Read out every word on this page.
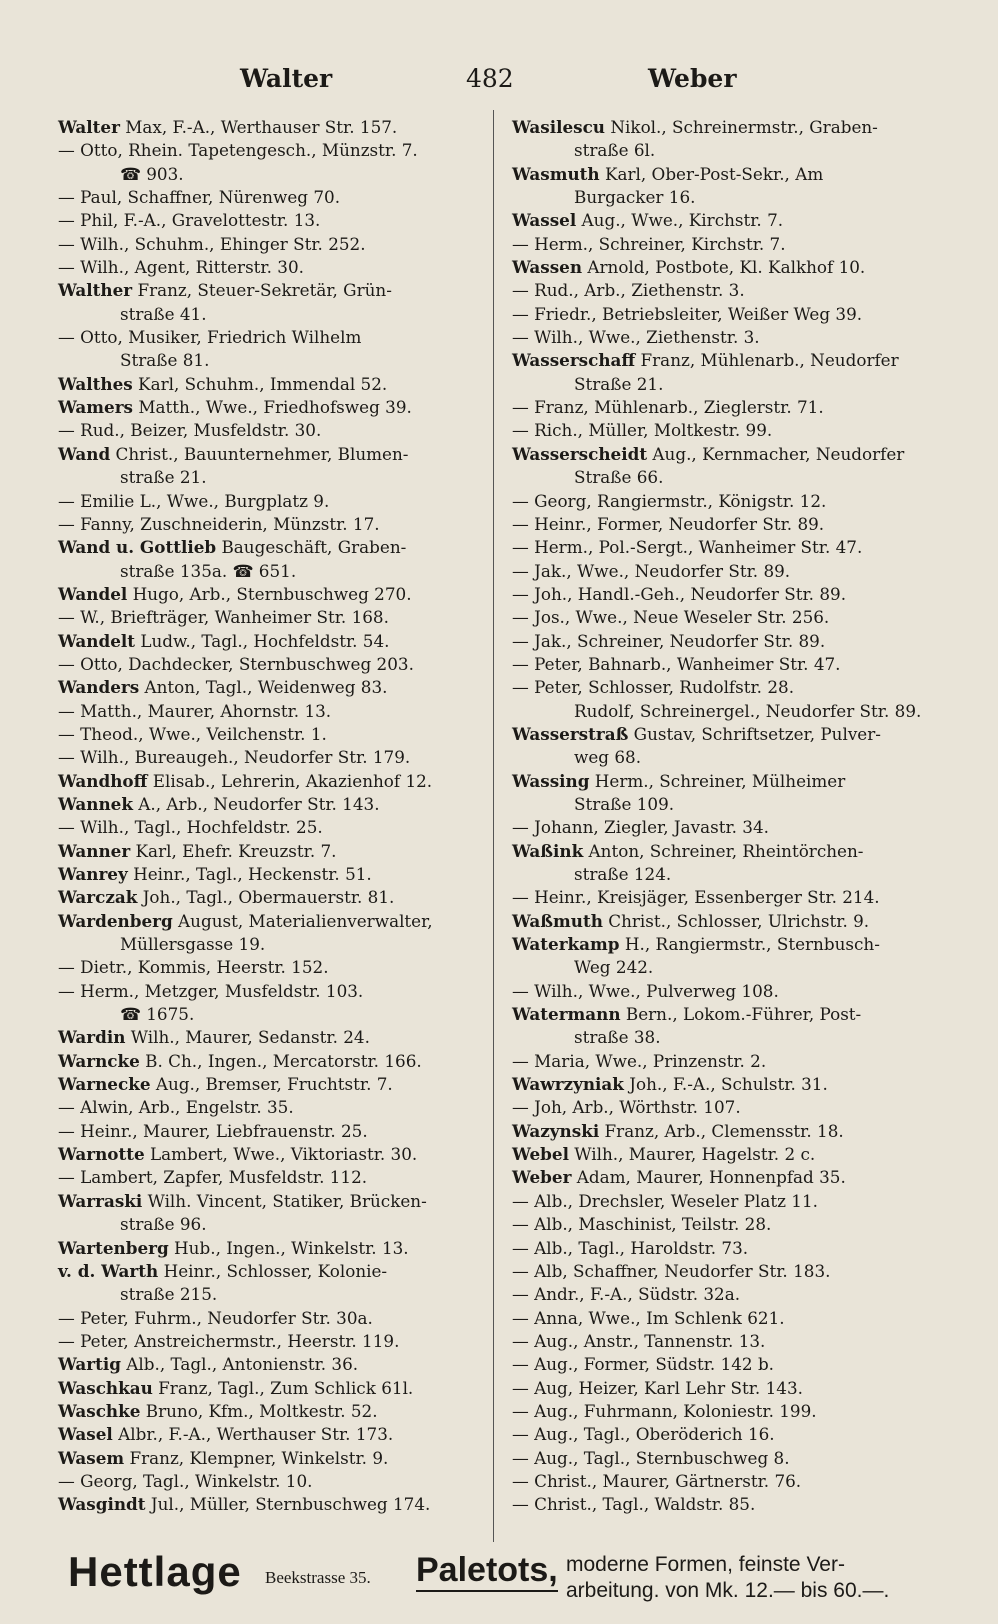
Walter	482	Weber

Walter Max, F.-A., Werthauser Str. 157.

— Otto, Rhein. Tapetengesch., Münzstr. 7.

☎ 903.

— Paul, Schaffner, Nürenweg 70.

— Phil, F.-A., Gravelottestr. 13.

— Wilh., Schuhm., Ehinger Str. 252.

— Wilh., Agent, Ritterstr. 30.

Walther Franz, Steuer-Sekretär, Grün-

straße 41.

— Otto, Musiker, Friedrich Wilhelm

Straße 81.

Walthes Karl, Schuhm., Immendal 52.

Wamers Matth., Wwe., Friedhofsweg 39.

— Rud., Beizer, Musfeldstr. 30.

Wand Christ., Bauunternehmer, Blumen-

straße 21.

— Emilie L., Wwe., Burgplatz 9.

— Fanny, Zuschneiderin, Münzstr. 17.

Wand u. Gottlieb Baugeschäft, Graben-

straße 135a. ☎ 651.

Wandel Hugo, Arb., Sternbuschweg 270.

— W., Briefträger, Wanheimer Str. 168.

Wandelt Ludw., Tagl., Hochfeldstr. 54.

— Otto, Dachdecker, Sternbuschweg 203.

Wanders Anton, Tagl., Weidenweg 83.

— Matth., Maurer, Ahornstr. 13.

— Theod., Wwe., Veilchenstr. 1.

— Wilh., Bureaugeh., Neudorfer Str. 179.

Wandhoff Elisab., Lehrerin, Akazienhof 12.

Wannek A., Arb., Neudorfer Str. 143.

— Wilh., Tagl., Hochfeldstr. 25.

Wanner Karl, Ehefr. Kreuzstr. 7.

Wanrey Heinr., Tagl., Heckenstr. 51.

Warczak Joh., Tagl., Obermauerstr. 81.

Wardenberg August, Materialienverwalter,

Müllersgasse 19.

— Dietr., Kommis, Heerstr. 152.

— Herm., Metzger, Musfeldstr. 103.

☎ 1675.

Wardin Wilh., Maurer, Sedanstr. 24.

Warncke B. Ch., Ingen., Mercatorstr. 166.

Warnecke Aug., Bremser, Fruchtstr. 7.

— Alwin, Arb., Engelstr. 35.

— Heinr., Maurer, Liebfrauenstr. 25.

Warnotte Lambert, Wwe., Viktoriastr. 30.

— Lambert, Zapfer, Musfeldstr. 112.

Warraski Wilh. Vincent, Statiker, Brücken-

straße 96.

Wartenberg Hub., Ingen., Winkelstr. 13.

v. d. Warth Heinr., Schlosser, Kolonie-

straße 215.

— Peter, Fuhrm., Neudorfer Str. 30a.

— Peter, Anstreichermstr., Heerstr. 119.

Wartig Alb., Tagl., Antonienstr. 36.

Waschkau Franz, Tagl., Zum Schlick 61l.

Waschke Bruno, Kfm., Moltkestr. 52.

Wasel Albr., F.-A., Werthauser Str. 173.

Wasem Franz, Klempner, Winkelstr. 9.

— Georg, Tagl., Winkelstr. 10.

Wasgindt Jul., Müller, Sternbuschweg 174.

Wasilescu Nikol., Schreinermstr., Graben-

straße 6l.

Wasmuth Karl, Ober-Post-Sekr., Am

Burgacker 16.

Wassel Aug., Wwe., Kirchstr. 7.

— Herm., Schreiner, Kirchstr. 7.

Wassen Arnold, Postbote, Kl. Kalkhof 10.

— Rud., Arb., Ziethenstr. 3.

— Friedr., Betriebsleiter, Weißer Weg 39.

— Wilh., Wwe., Ziethenstr. 3.

Wasserschaff Franz, Mühlenarb., Neudorfer

Straße 21.

— Franz, Mühlenarb., Zieglerstr. 71.

— Rich., Müller, Moltkestr. 99.

Wasserscheidt Aug., Kernmacher, Neudorfer

Straße 66.

— Georg, Rangiermstr., Königstr. 12.

— Heinr., Former, Neudorfer Str. 89.

— Herm., Pol.-Sergt., Wanheimer Str. 47.

— Jak., Wwe., Neudorfer Str. 89.

— Joh., Handl.-Geh., Neudorfer Str. 89.

— Jos., Wwe., Neue Weseler Str. 256.

— Jak., Schreiner, Neudorfer Str. 89.

— Peter, Bahnarb., Wanheimer Str. 47.

— Peter, Schlosser, Rudolfstr. 28.

Rudolf, Schreinergel., Neudorfer Str. 89.

Wasserstraß Gustav, Schriftsetzer, Pulver-

weg 68.

Wassing Herm., Schreiner, Mülheimer

Straße 109.

— Johann, Ziegler, Javastr. 34.

Waßink Anton, Schreiner, Rheintörchen-

straße 124.

— Heinr., Kreisjäger, Essenberger Str. 214.

Waßmuth Christ., Schlosser, Ulrichstr. 9.

Waterkamp H., Rangiermstr., Sternbusch-

Weg 242.

— Wilh., Wwe., Pulverweg 108.

Watermann Bern., Lokom.-Führer, Post-

straße 38.

— Maria, Wwe., Prinzenstr. 2.

Wawrzyniak Joh., F.-A., Schulstr. 31.

— Joh, Arb., Wörthstr. 107.

Wazynski Franz, Arb., Clemensstr. 18.

Webel Wilh., Maurer, Hagelstr. 2 c.

Weber Adam, Maurer, Honnenpfad 35.

— Alb., Drechsler, Weseler Platz 11.

— Alb., Maschinist, Teilstr. 28.

— Alb., Tagl., Haroldstr. 73.

— Alb, Schaffner, Neudorfer Str. 183.

— Andr., F.-A., Südstr. 32a.

— Anna, Wwe., Im Schlenk 621.

— Aug., Anstr., Tannenstr. 13.

— Aug., Former, Südstr. 142 b.

— Aug, Heizer, Karl Lehr Str. 143.

— Aug., Fuhrmann, Koloniestr. 199.

— Aug., Tagl., Oberöderich 16.

— Aug., Tagl., Sternbuschweg 8.

— Christ., Maurer, Gärtnerstr. 76.

— Christ., Tagl., Waldstr. 85.

Hettlage Beekstrasse 35. Paletots, moderne Formen, feinste Ver-
arbeitung. von Mk. 12.— bis 60.—.
